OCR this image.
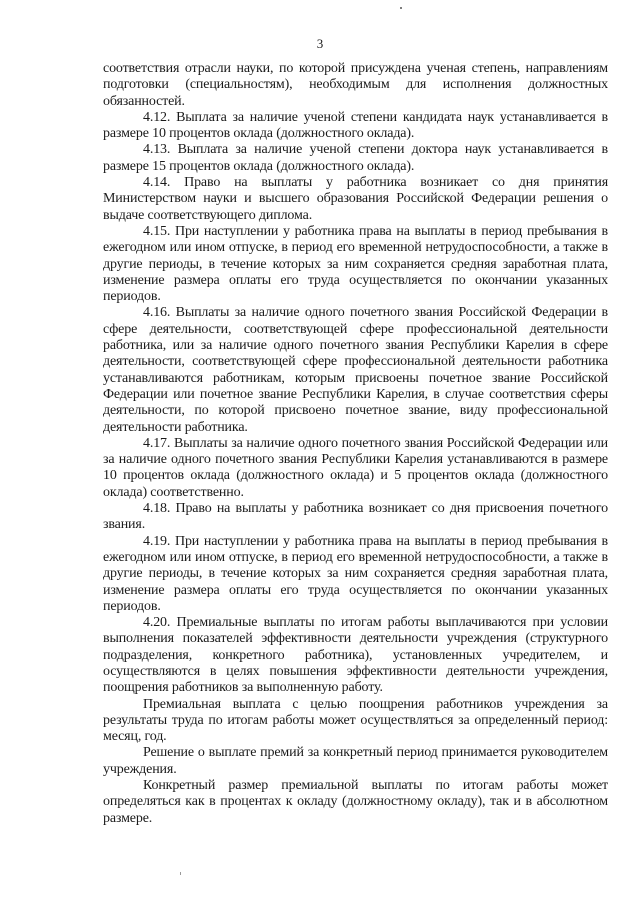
3

соответствия отрасли науки, по которой присуждена ученая степень, направлениям подготовки (специальностям), необходимым для исполнения должностных обязанностей.

4.12. Выплата за наличие ученой степени кандидата наук устанавливается в размере 10 процентов оклада (должностного оклада).

4.13. Выплата за наличие ученой степени доктора наук устанавливается в размере 15 процентов оклада (должностного оклада).

4.14. Право на выплаты у работника возникает со дня принятия Министерством науки и высшего образования Российской Федерации решения о выдаче соответствующего диплома.

4.15. При наступлении у работника права на выплаты в период пребывания в ежегодном или ином отпуске, в период его временной нетрудоспособности, а также в другие периоды, в течение которых за ним сохраняется средняя заработная плата, изменение размера оплаты его труда осуществляется по окончании указанных периодов.

4.16. Выплаты за наличие одного почетного звания Российской Федерации в сфере деятельности, соответствующей сфере профессиональной деятельности работника, или за наличие одного почетного звания Республики Карелия в сфере деятельности, соответствующей сфере профессиональной деятельности работника устанавливаются работникам, которым присвоены почетное звание Российской Федерации или почетное звание Республики Карелия, в случае соответствия сферы деятельности, по которой присвоено почетное звание, виду профессиональной деятельности работника.

4.17. Выплаты за наличие одного почетного звания Российской Федерации или за наличие одного почетного звания Республики Карелия устанавливаются в размере 10 процентов оклада (должностного оклада) и 5 процентов оклада (должностного оклада) соответственно.

4.18. Право на выплаты у работника возникает со дня присвоения почетного звания.

4.19. При наступлении у работника права на выплаты в период пребывания в ежегодном или ином отпуске, в период его временной нетрудоспособности, а также в другие периоды, в течение которых за ним сохраняется средняя заработная плата, изменение размера оплаты его труда осуществляется по окончании указанных периодов.

4.20. Премиальные выплаты по итогам работы выплачиваются при условии выполнения показателей эффективности деятельности учреждения (структурного подразделения, конкретного работника), установленных учредителем, и осуществляются в целях повышения эффективности деятельности учреждения, поощрения работников за выполненную работу.

Премиальная выплата с целью поощрения работников учреждения за результаты труда по итогам работы может осуществляться за определенный период: месяц, год.

Решение о выплате премий за конкретный период принимается руководителем учреждения.

Конкретный размер премиальной выплаты по итогам работы может определяться как в процентах к окладу (должностному окладу), так и в абсолютном размере.
